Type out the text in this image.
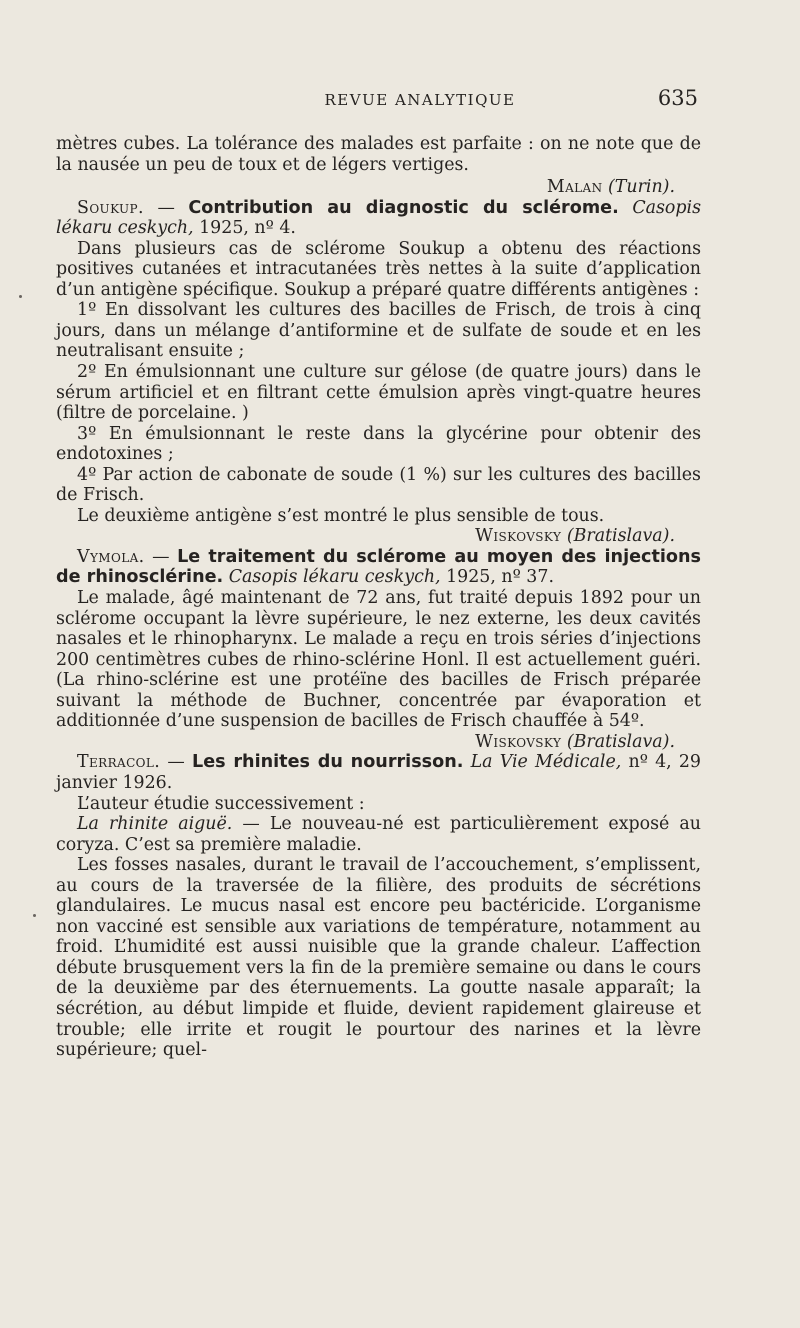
REVUE ANALYTIQUE	635

mètres cubes. La tolérance des malades est parfaite : on ne note que de la nausée un peu de toux et de légers vertiges.

Malan (Turin).

Soukup. — Contribution au diagnostic du sclérome. Casopis lékaru ceskych, 1925, nº 4.

Dans plusieurs cas de sclérome Soukup a obtenu des réactions positives cutanées et intracutanées très nettes à la suite d’application d’un antigène spécifique. Soukup a préparé quatre différents antigènes :

1º En dissolvant les cultures des bacilles de Frisch, de trois à cinq jours, dans un mélange d’antiformine et de sulfate de soude et en les neutralisant ensuite ;

2º En émulsionnant une culture sur gélose (de quatre jours) dans le sérum artificiel et en filtrant cette émulsion après vingt-quatre heures (filtre de porcelaine. )

3º En émulsionnant le reste dans la glycérine pour obtenir des endotoxines ;

4º Par action de cabonate de soude (1 %) sur les cultures des bacilles de Frisch.

Le deuxième antigène s’est montré le plus sensible de tous.

Wiskovsky (Bratislava).

Vymola. — Le traitement du sclérome au moyen des injections de rhinosclérine. Casopis lékaru ceskych, 1925, nº 37.

Le malade, âgé maintenant de 72 ans, fut traité depuis 1892 pour un sclérome occupant la lèvre supérieure, le nez externe, les deux cavités nasales et le rhinopharynx. Le malade a reçu en trois séries d’injections 200 centimètres cubes de rhino-sclérine Honl. Il est actuellement guéri. (La rhino-sclérine est une protéïne des bacilles de Frisch préparée suivant la méthode de Buchner, concentrée par évaporation et additionnée d’une suspension de bacilles de Frisch chauffée à 54º.

Wiskovsky (Bratislava).

Terracol. — Les rhinites du nourrisson. La Vie Médicale, nº 4, 29 janvier 1926.

L’auteur étudie successivement :

La rhinite aiguë. — Le nouveau-né est particulièrement exposé au coryza. C’est sa première maladie.

Les fosses nasales, durant le travail de l’accouchement, s’emplissent, au cours de la traversée de la filière, des produits de sécrétions glandulaires. Le mucus nasal est encore peu bactéricide. L’organisme non vacciné est sensible aux variations de température, notamment au froid. L’humidité est aussi nuisible que la grande chaleur. L’affection débute brusquement vers la fin de la première semaine ou dans le cours de la deuxième par des éternuements. La goutte nasale apparaît; la sécrétion, au début limpide et fluide, devient rapidement glaireuse et trouble; elle irrite et rougit le pourtour des narines et la lèvre supérieure; quel-
